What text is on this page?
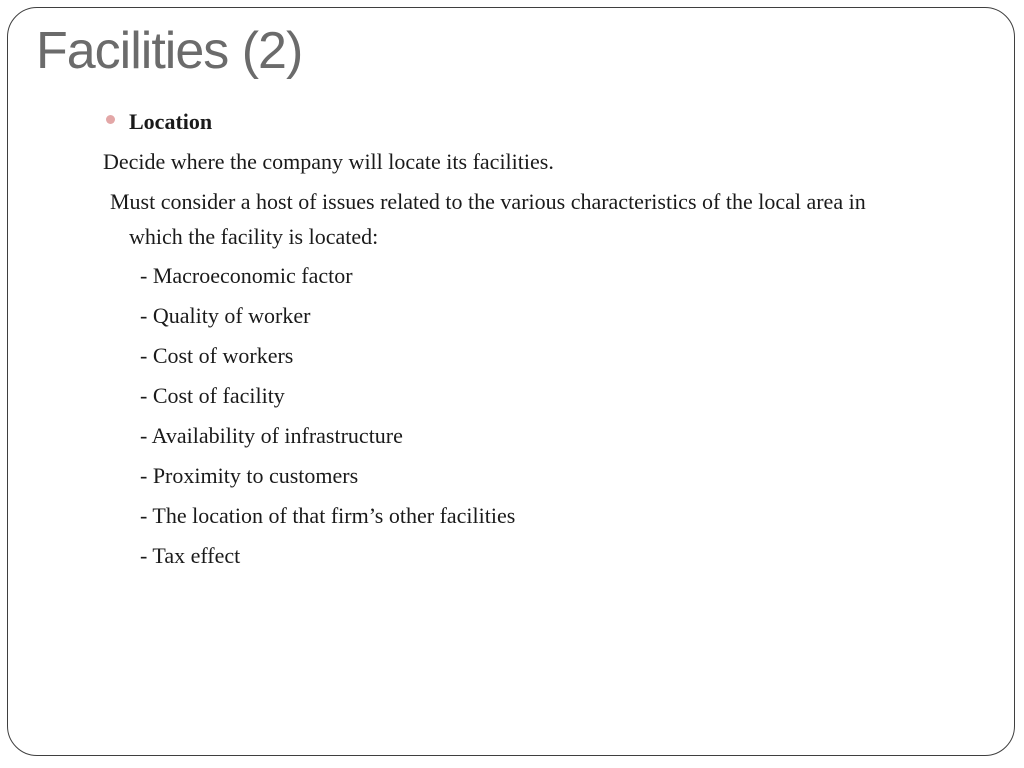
Facilities (2)
Location
Decide where the company will locate its facilities.
Must consider a host of issues related to the various characteristics of the local area in
which the facility is located:
- Macroeconomic factor
- Quality of worker
- Cost of workers
- Cost of facility
- Availability of infrastructure
- Proximity to customers
- The location of that firm’s other facilities
- Tax effect
